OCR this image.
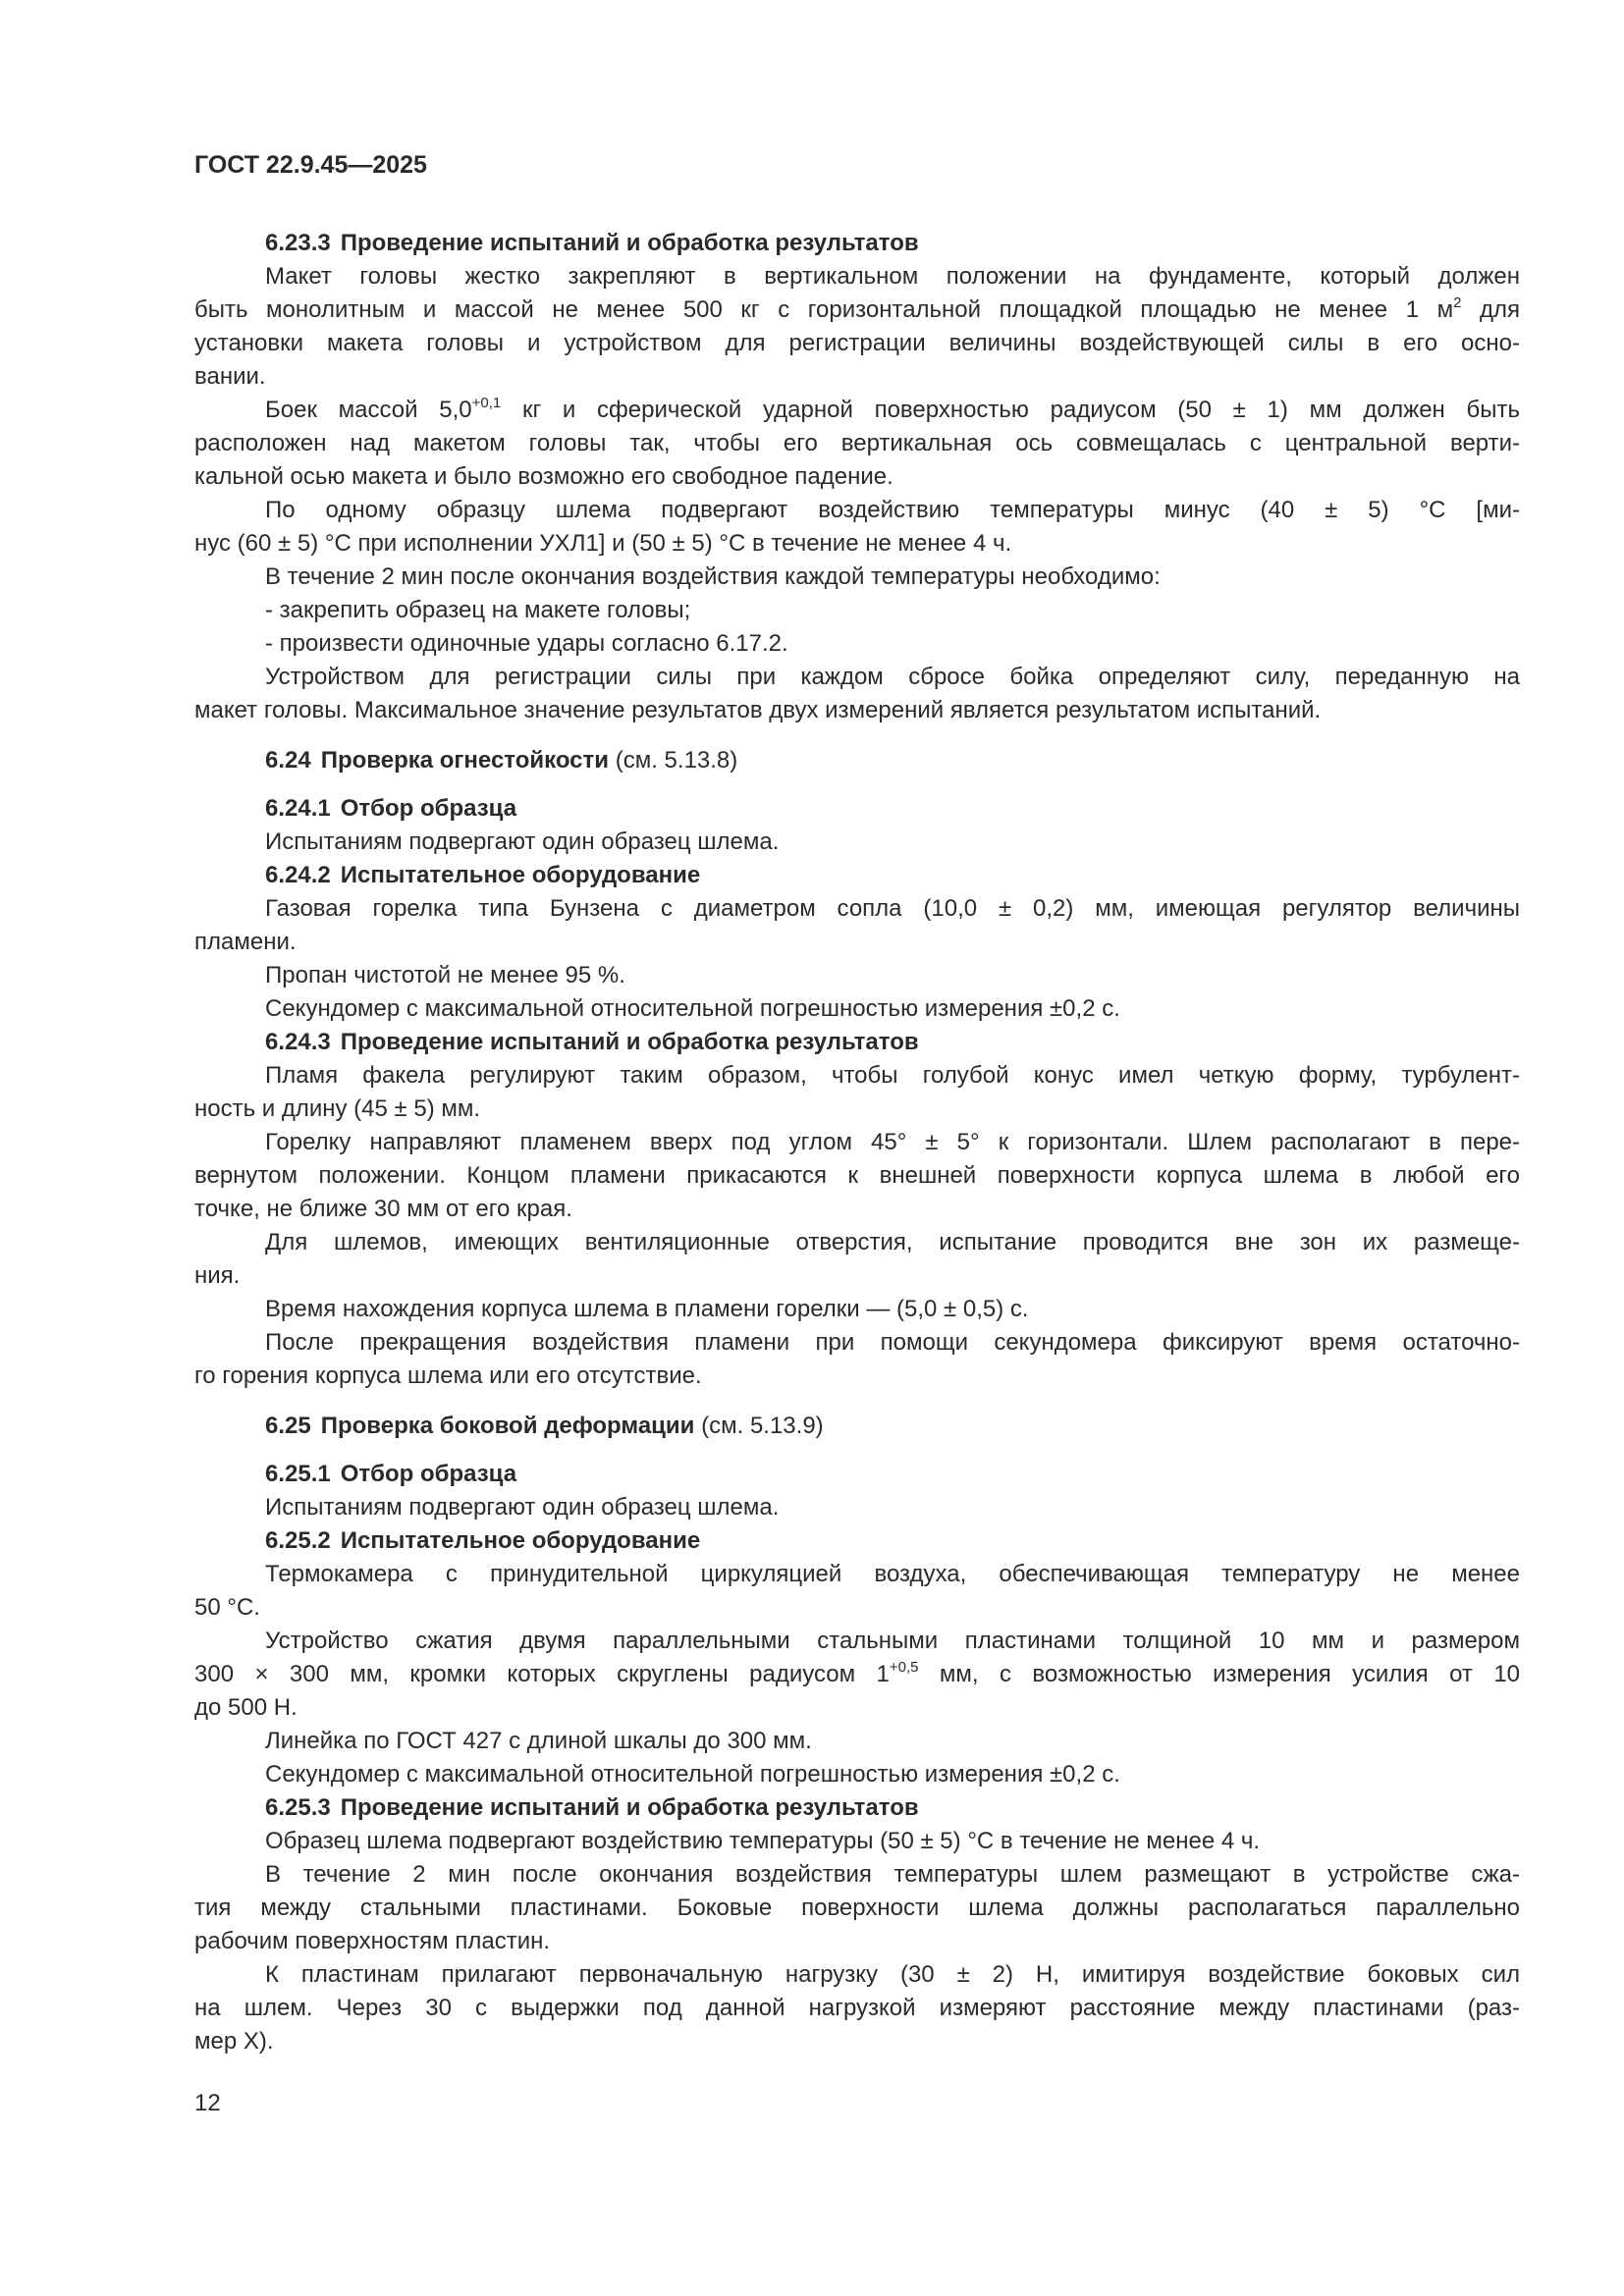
ГОСТ 22.9.45—2025
6.23.3 Проведение испытаний и обработка результатов
Макет головы жестко закрепляют в вертикальном положении на фундаменте, который должен
быть монолитным и массой не менее 500 кг с горизонтальной площадкой площадью не менее 1 $м^2$ для
установки макета головы и устройством для регистрации величины воздействующей силы в его осно-
вании.
Боек массой $5,0^{+0,1}$ кг и сферической ударной поверхностью радиусом (50 ± 1) мм должен быть
расположен над макетом головы так, чтобы его вертикальная ось совмещалась с центральной верти-
кальной осью макета и было возможно его свободное падение.
По одному образцу шлема подвергают воздействию температуры минус (40 ± 5) °С [ми-
нус (60 ± 5) °С при исполнении УХЛ1] и (50 ± 5) °С в течение не менее 4 ч.
В течение 2 мин после окончания воздействия каждой температуры необходимо:
- закрепить образец на макете головы;
- произвести одиночные удары согласно 6.17.2.
Устройством для регистрации силы при каждом сбросе бойка определяют силу, переданную на
макет головы. Максимальное значение результатов двух измерений является результатом испытаний.
6.24 Проверка огнестойкости (см. 5.13.8)
6.24.1 Отбор образца
Испытаниям подвергают один образец шлема.
6.24.2 Испытательное оборудование
Газовая горелка типа Бунзена с диаметром сопла (10,0 ± 0,2) мм, имеющая регулятор величины
пламени.
Пропан чистотой не менее 95 %.
Секундомер с максимальной относительной погрешностью измерения ±0,2 с.
6.24.3 Проведение испытаний и обработка результатов
Пламя факела регулируют таким образом, чтобы голубой конус имел четкую форму, турбулент-
ность и длину (45 ± 5) мм.
Горелку направляют пламенем вверх под углом 45° ± 5° к горизонтали. Шлем располагают в пере-
вернутом положении. Концом пламени прикасаются к внешней поверхности корпуса шлема в любой его
точке, не ближе 30 мм от его края.
Для шлемов, имеющих вентиляционные отверстия, испытание проводится вне зон их размеще-
ния.
Время нахождения корпуса шлема в пламени горелки — (5,0 ± 0,5) с.
После прекращения воздействия пламени при помощи секундомера фиксируют время остаточно-
го горения корпуса шлема или его отсутствие.
6.25 Проверка боковой деформации (см. 5.13.9)
6.25.1 Отбор образца
Испытаниям подвергают один образец шлема.
6.25.2 Испытательное оборудование
Термокамера с принудительной циркуляцией воздуха, обеспечивающая температуру не менее
50 °С.
Устройство сжатия двумя параллельными стальными пластинами толщиной 10 мм и размером
300 × 300 мм, кромки которых скруглены радиусом $1^{+0,5}$ мм, с возможностью измерения усилия от 10
до 500 Н.
Линейка по ГОСТ 427 с длиной шкалы до 300 мм.
Секундомер с максимальной относительной погрешностью измерения ±0,2 с.
6.25.3 Проведение испытаний и обработка результатов
Образец шлема подвергают воздействию температуры (50 ± 5) °С в течение не менее 4 ч.
В течение 2 мин после окончания воздействия температуры шлем размещают в устройстве сжа-
тия между стальными пластинами. Боковые поверхности шлема должны располагаться параллельно
рабочим поверхностям пластин.
К пластинам прилагают первоначальную нагрузку (30 ± 2) Н, имитируя воздействие боковых сил
на шлем. Через 30 с выдержки под данной нагрузкой измеряют расстояние между пластинами (раз-
мер X).
12
